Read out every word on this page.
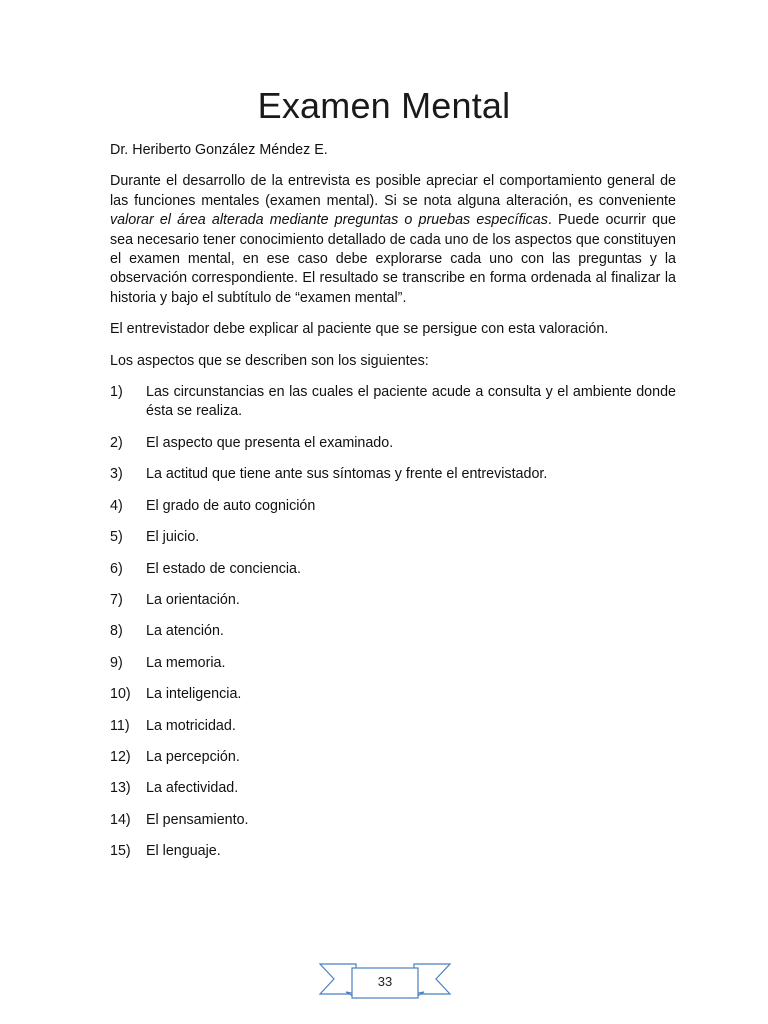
Examen Mental

Dr. Heriberto González Méndez E.

Durante el desarrollo de la entrevista es posible apreciar el comportamiento general de las funciones mentales (examen mental). Si se nota alguna alteración, es conveniente valorar el área alterada mediante preguntas o pruebas específicas. Puede ocurrir que sea necesario tener conocimiento detallado de cada uno de los aspectos que constituyen el examen mental, en ese caso debe explorarse cada uno con las preguntas y la observación correspondiente. El resultado se transcribe en forma ordenada al finalizar la historia y bajo el subtítulo de “examen mental”.

El entrevistador debe explicar al paciente que se persigue con esta valoración.

Los aspectos que se describen son los siguientes:

1)	Las circunstancias en las cuales el paciente acude a consulta y el ambiente donde ésta se realiza.
2)	El aspecto que presenta el examinado.
3)	La actitud que tiene ante sus síntomas y frente el entrevistador.
4)	El grado de auto cognición
5)	El juicio.
6)	El estado de conciencia.
7)	La orientación.
8)	La atención.
9)	La memoria.
10)	La inteligencia.
11)	La motricidad.
12)	La percepción.
13)	La afectividad.
14)	El pensamiento.
15)	El lenguaje.
33
